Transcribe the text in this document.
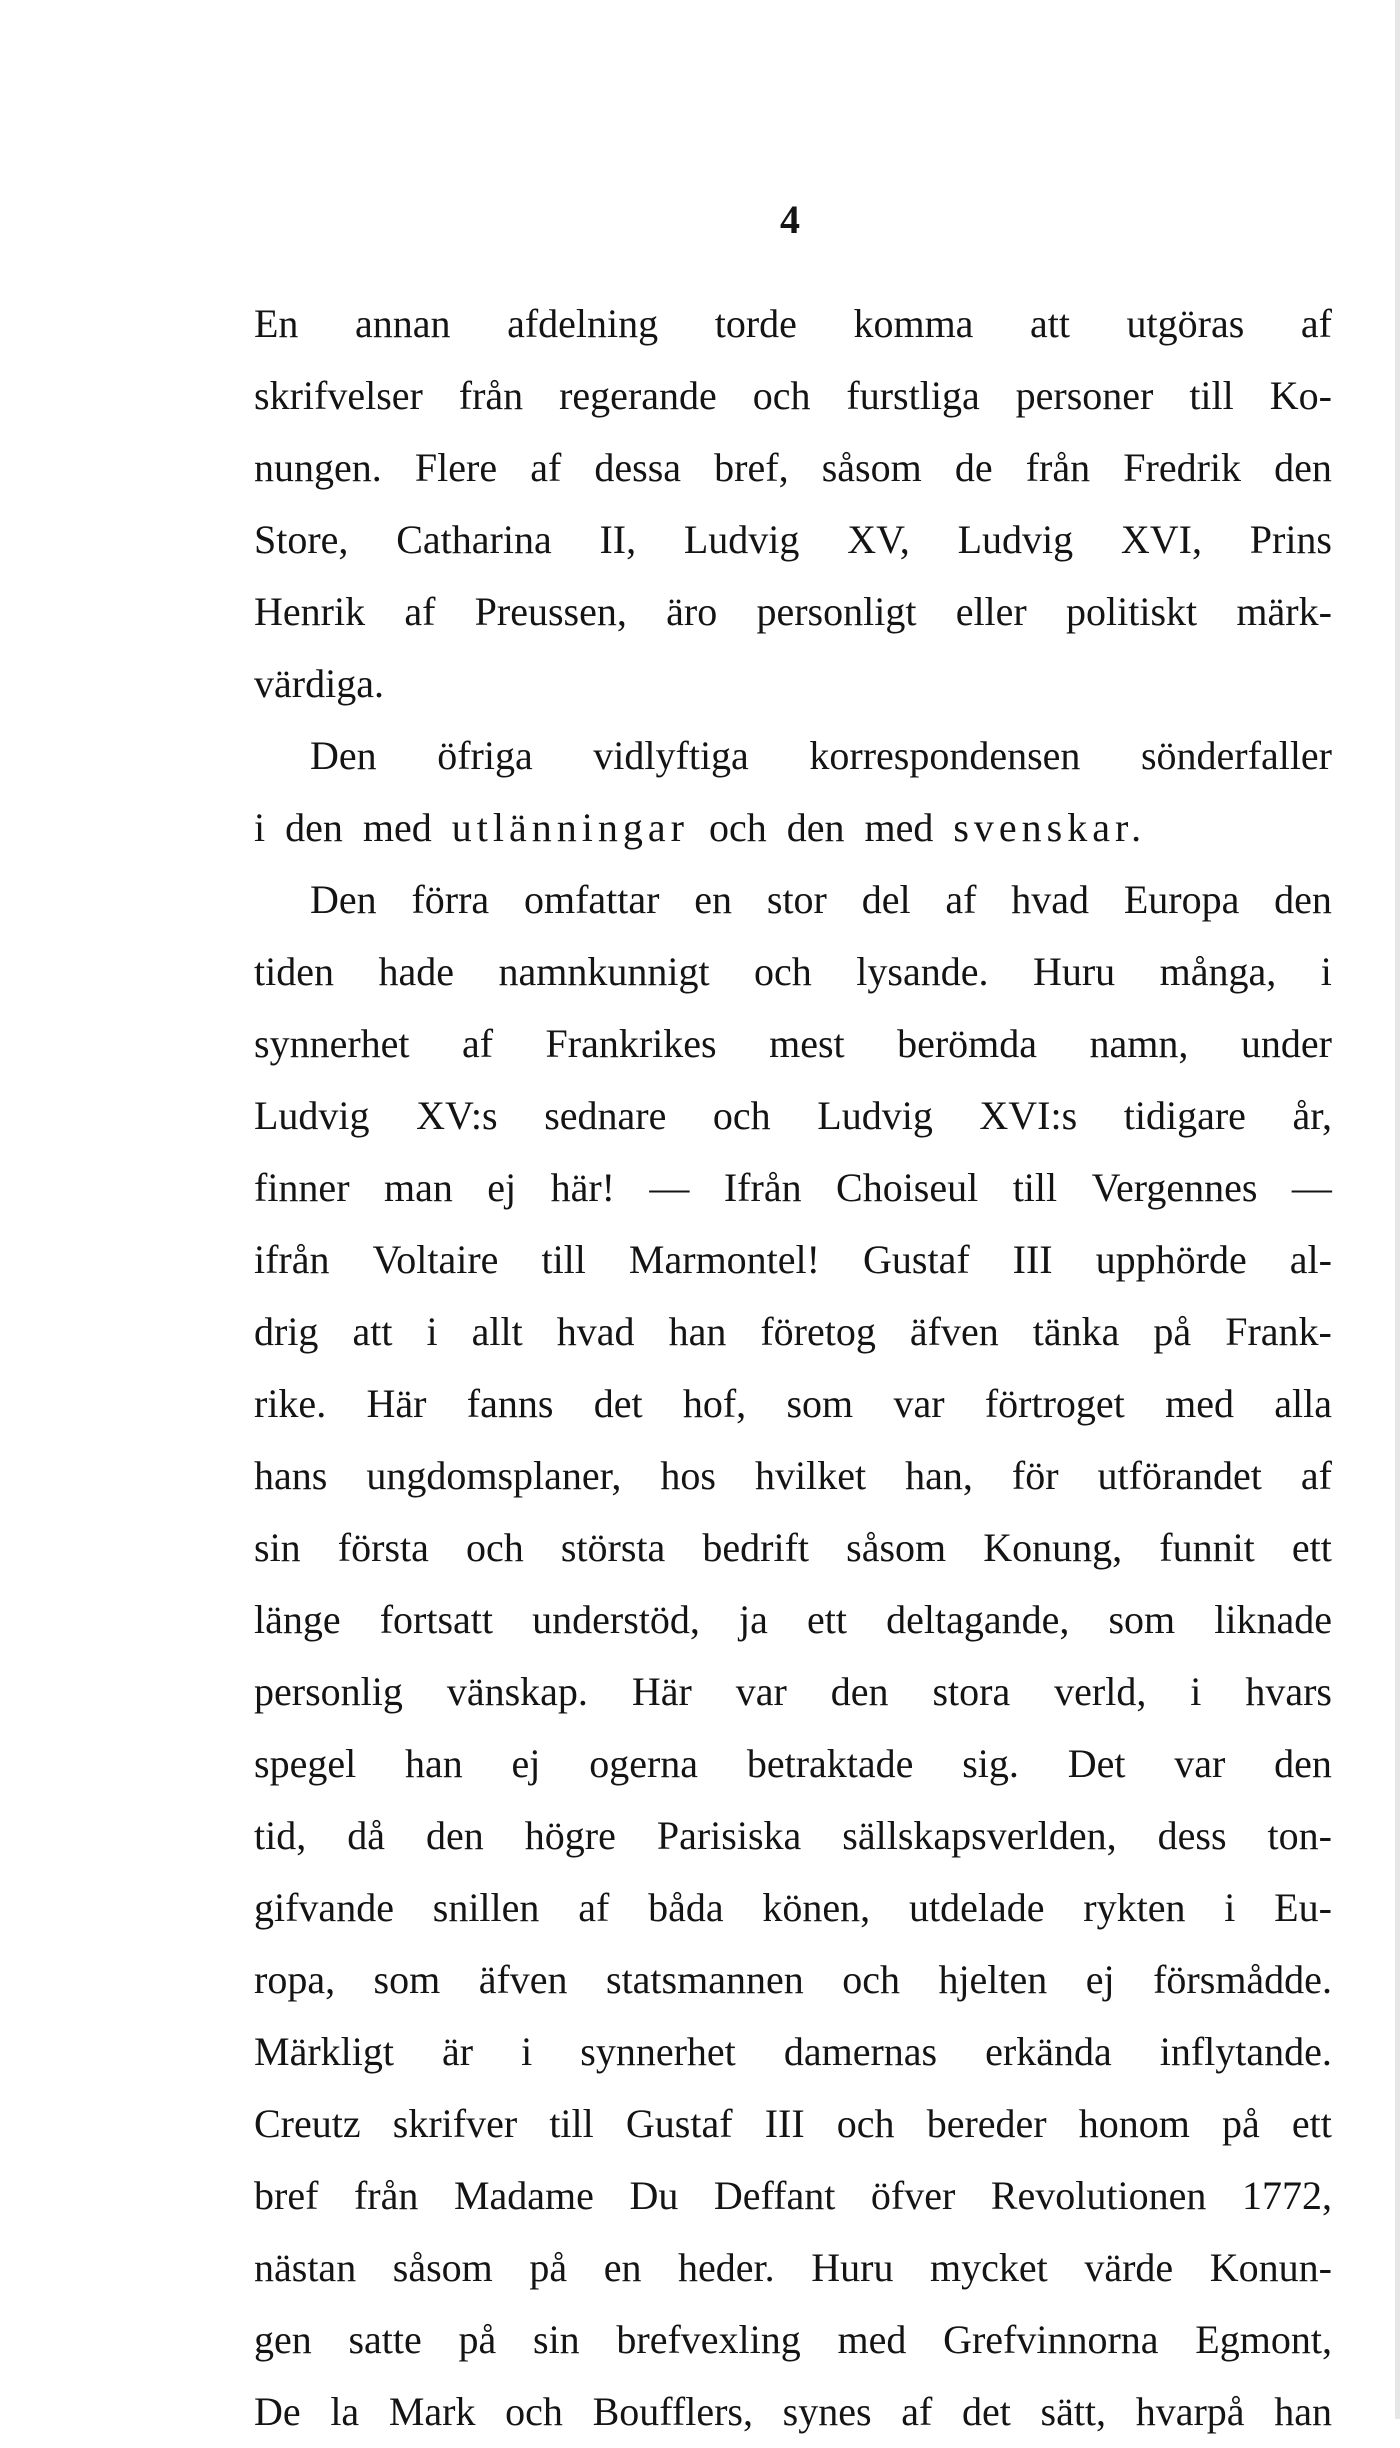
4
En annan afdelning torde komma att utgöras af
skrifvelser från regerande och furstliga personer till Ko-
nungen. Flere af dessa bref, såsom de från Fredrik den
Store, Catharina II, Ludvig XV, Ludvig XVI, Prins
Henrik af Preussen, äro personligt eller politiskt märk-
värdiga.
Den öfriga vidlyftiga korrespondensen sönderfaller
i
den
med
utlänningar
och
den
med
svenskar.
Den förra omfattar en stor del af hvad Europa den
tiden hade namnkunnigt och lysande. Huru många, i
synnerhet af Frankrikes mest berömda namn, under
Ludvig XV:s sednare och Ludvig XVI:s tidigare år,
finner man ej här! — Ifrån Choiseul till Vergennes —
ifrån Voltaire till Marmontel! Gustaf III upphörde al-
drig att i allt hvad han företog äfven tänka på Frank-
rike. Här fanns det hof, som var förtroget med alla
hans ungdomsplaner, hos hvilket han, för utförandet af
sin första och största bedrift såsom Konung, funnit ett
länge fortsatt understöd, ja ett deltagande, som liknade
personlig vänskap. Här var den stora verld, i hvars
spegel han ej ogerna betraktade sig. Det var den
tid, då den högre Parisiska sällskapsverlden, dess ton-
gifvande snillen af båda könen, utdelade rykten i Eu-
ropa, som äfven statsmannen och hjelten ej försmådde.
Märkligt är i synnerhet damernas erkända inflytande.
Creutz skrifver till Gustaf III och bereder honom på ett
bref från Madame Du Deffant öfver Revolutionen 1772,
nästan såsom på en heder. Huru mycket värde Konun-
gen satte på sin brefvexling med Grefvinnorna Egmont,
De la Mark och Boufflers, synes af det sätt, hvarpå han
